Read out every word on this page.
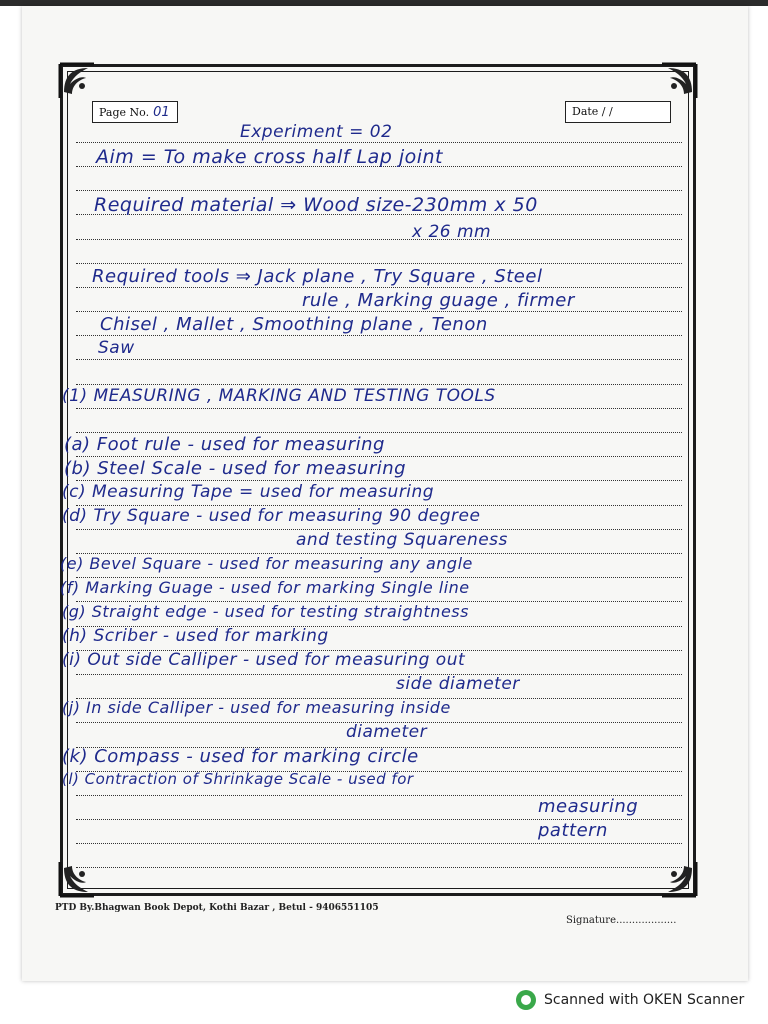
Page No. 01	Date / /
Experiment = 02
Aim = To make cross half Lap joint
Required material ⇒ Wood size-230mm x 50
x 26 mm
Required tools ⇒ Jack plane , Try Square , Steel
rule , Marking guage , firmer
Chisel , Mallet , Smoothing plane , Tenon
Saw
(1) MEASURING , MARKING AND TESTING TOOLS
(a) Foot rule - used for measuring
(b) Steel Scale - used for measuring
(c) Measuring Tape = used for measuring
(d) Try Square - used for measuring 90 degree
and testing Squareness
(e) Bevel Square - used for measuring any angle
(f) Marking Guage - used for marking Single line
(g) Straight edge - used for testing straightness
(h) Scriber - used for marking
(i) Out side Calliper - used for measuring out
side diameter
(j) In side Calliper - used for measuring inside
diameter
(k) Compass - used for marking circle
(l) Contraction of Shrinkage Scale - used for
measuring
pattern
PTD By.Bhagwan Book Depot, Kothi Bazar , Betul - 9406551105
Signature...................
Scanned with OKEN Scanner
